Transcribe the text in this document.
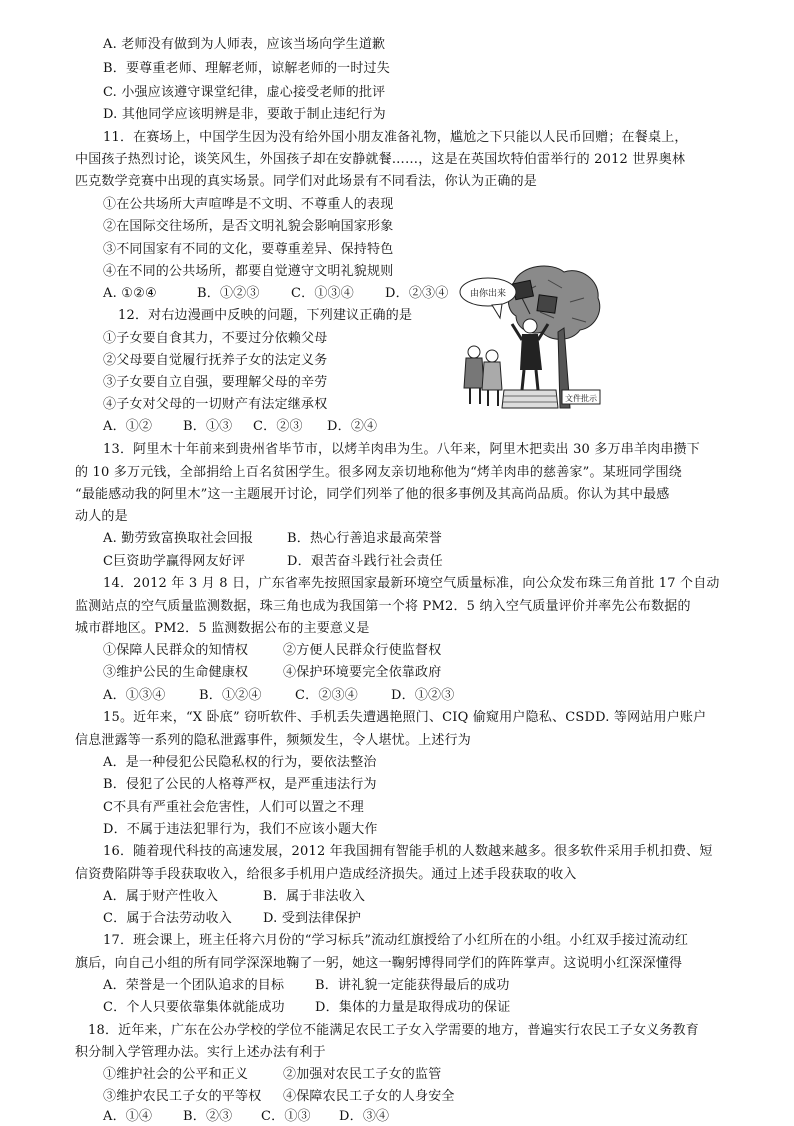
A. 老师没有做到为人师表，应该当场向学生道歉
B．要尊重老师、理解老师，谅解老师的一时过失
C. 小强应该遵守课堂纪律，虚心接受老师的批评
D. 其他同学应该明辨是非，要敢于制止违纪行为
11．在赛场上，中国学生因为没有给外国小朋友准备礼物，尴尬之下只能以人民币回赠；在餐桌上，
中国孩子热烈讨论，谈笑风生，外国孩子却在安静就餐……，这是在英国坎特伯雷举行的 2012 世界奥林
匹克数学竞赛中出现的真实场景。同学们对此场景有不同看法，你认为正确的是
①在公共场所大声喧哗是不文明、不尊重人的表现
②在国际交往场所，是否文明礼貌会影响国家形象
③不同国家有不同的文化，要尊重差异、保持特色
④在不同的公共场所，都要自觉遵守文明礼貌规则
A. ①②④	B．①②③ C．①③④ D．②③④
12．对右边漫画中反映的问题，下列建议正确的是
①子女要自食其力，不要过分依赖父母
②父母要自觉履行抚养子女的法定义务
③子女要自立自强，要理解父母的辛劳
④子女对父母的一切财产有法定继承权
A．①② B．①③ C．②③ D．②④
由你出来
文件批示
13．阿里木十年前来到贵州省毕节市，以烤羊肉串为生。八年来，阿里木把卖出 30 多万串羊肉串攒下
的 10 多万元钱，全部捐给上百名贫困学生。很多网友亲切地称他为“烤羊肉串的慈善家”。某班同学围绕
“最能感动我的阿里木”这一主题展开讨论，同学们列举了他的很多事例及其高尚品质。你认为其中最感
动人的是
A. 勤劳致富换取社会回报	B．热心行善追求最高荣誉
C巨资助学赢得网友好评	D．艰苦奋斗践行社会责任
14．2012 年 3 月 8 日，广东省率先按照国家最新环境空气质量标准，向公众发布珠三角首批 17 个自动
监测站点的空气质量监测数据，珠三角也成为我国第一个将 PM2．5 纳入空气质量评价并率先公布数据的
城市群地区。PM2．5 监测数据公布的主要意义是
①保障人民群众的知情权	②方便人民群众行使监督权
③维护公民的生命健康权	④保护环境要完全依靠政府
A．①③④	B．①②④	C．②③④	D．①②③
15。近年来，“X 卧底” 窃听软件、手机丢失遭遇艳照门、CIQ 偷窥用户隐私、CSDD. 等网站用户账户
信息泄露等一系列的隐私泄露事件，频频发生，令人堪忧。上述行为
A．是一种侵犯公民隐私权的行为，要依法整治
B．侵犯了公民的人格尊严权，是严重违法行为
C不具有严重社会危害性，人们可以置之不理
D．不属于违法犯罪行为，我们不应该小题大作
16．随着现代科技的高速发展，2012 年我国拥有智能手机的人数越来越多。很多软件采用手机扣费、短
信资费陷阱等手段获取收入，给很多手机用户造成经济损失。通过上述手段获取的收入
A．属于财产性收入	B．属于非法收入
C．属于合法劳动收入 D. 受到法律保护
17．班会课上，班主任将六月份的“学习标兵”流动红旗授给了小红所在的小组。小红双手接过流动红
旗后，向自己小组的所有同学深深地鞠了一躬，她这一鞠躬博得同学们的阵阵掌声。这说明小红深深懂得
A．荣誉是一个团队追求的目标 B．讲礼貌一定能获得最后的成功
C．个人只要依靠集体就能成功 D．集体的力量是取得成功的保证
18．近年来，广东在公办学校的学位不能满足农民工子女入学需要的地方，普遍实行农民工子女义务教育
积分制入学管理办法。实行上述办法有利于
①维护社会的公平和正义	②加强对农民工子女的监管
③维护农民工子女的平等权 ④保障农民工子女的人身安全
A．①④ B．②③ C．①③ D．③④
